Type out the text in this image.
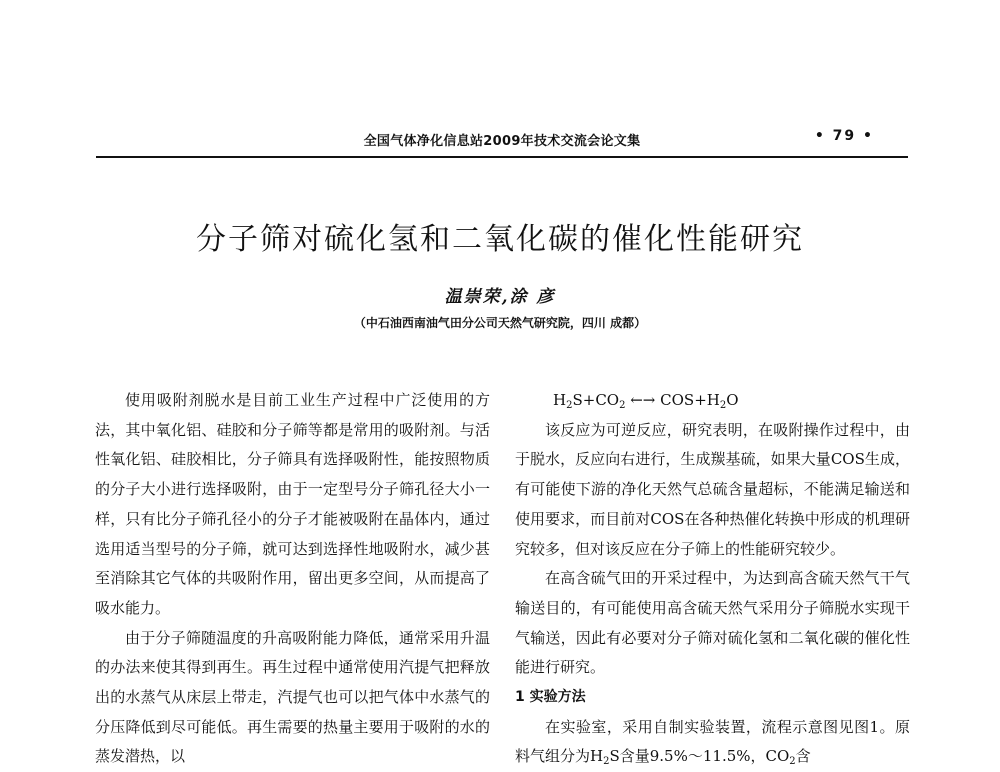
全国气体净化信息站2009年技术交流会论文集	• 79 •
分子筛对硫化氢和二氧化碳的催化性能研究
温崇荣,涂 彦
（中石油西南油气田分公司天然气研究院，四川 成都）

使用吸附剂脱水是目前工业生产过程中广泛使用的方法，其中氧化铝、硅胶和分子筛等都是常用的吸附剂。与活性氧化铝、硅胶相比，分子筛具有选择吸附性，能按照物质的分子大小进行选择吸附，由于一定型号分子筛孔径大小一样，只有比分子筛孔径小的分子才能被吸附在晶体内，通过选用适当型号的分子筛，就可达到选择性地吸附水，减少甚至消除其它气体的共吸附作用，留出更多空间，从而提高了吸水能力。

由于分子筛随温度的升高吸附能力降低，通常采用升温的办法来使其得到再生。再生过程中通常使用汽提气把释放出的水蒸气从床层上带走，汽提气也可以把气体中水蒸气的分压降低到尽可能低。再生需要的热量主要用于吸附的水的蒸发潜热，以

$H_2S+CO_2$ ←→ $COS+H_2O$

该反应为可逆反应，研究表明，在吸附操作过程中，由于脱水，反应向右进行，生成羰基硫，如果大量COS生成，有可能使下游的净化天然气总硫含量超标，不能满足输送和使用要求，而目前对COS在各种热催化转换中形成的机理研究较多，但对该反应在分子筛上的性能研究较少。

在高含硫气田的开采过程中，为达到高含硫天然气干气输送目的，有可能使用高含硫天然气采用分子筛脱水实现干气输送，因此有必要对分子筛对硫化氢和二氧化碳的催化性能进行研究。

1 实验方法

在实验室，采用自制实验装置，流程示意图见图1。原料气组分为$H_2S$含量9.5%～11.5%，$CO_2$含
